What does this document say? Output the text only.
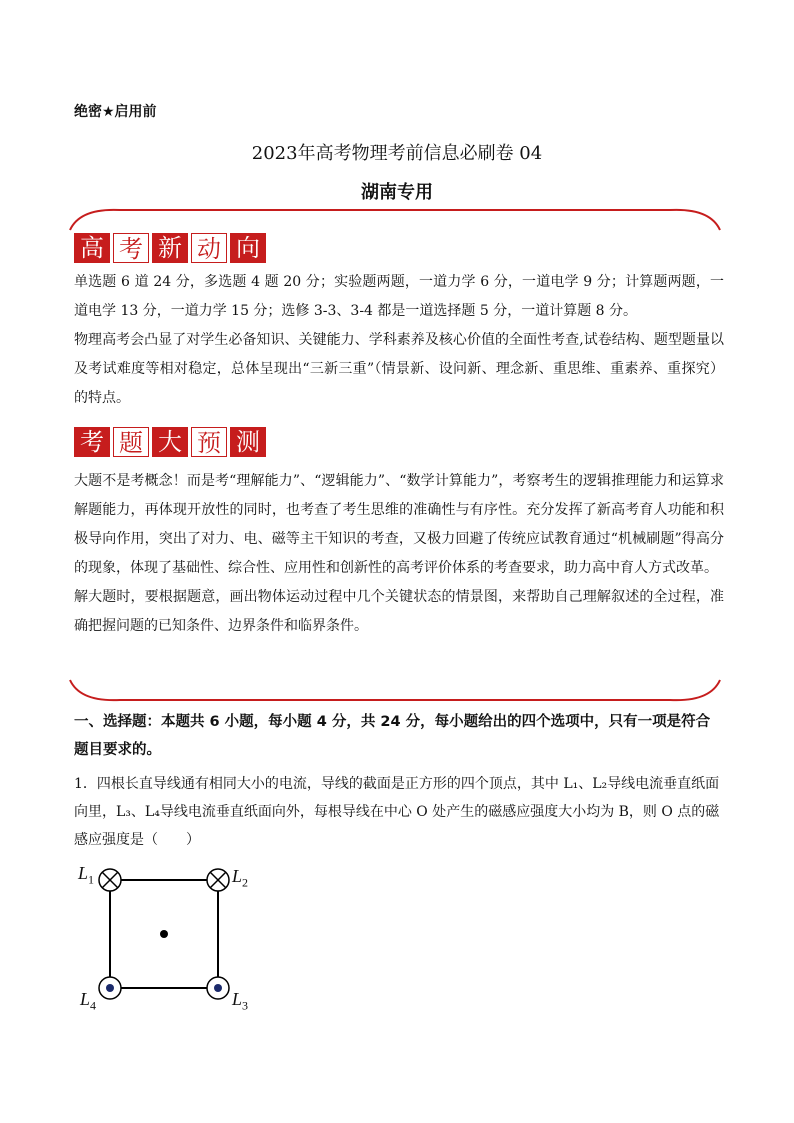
绝密★启用前
2023年高考物理考前信息必刷卷 04
湖南专用
高 考 新 动 向

单选题 6 道 24 分，多选题 4 题 20 分；实验题两题，一道力学 6 分，一道电学 9 分；计算题两题，一道电学 13 分，一道力学 15 分；选修 3-3、3-4 都是一道选择题 5 分，一道计算题 8 分。

物理高考会凸显了对学生必备知识、关键能力、学科素养及核心价值的全面性考查,试卷结构、题型题量以及考试难度等相对稳定，总体呈现出“三新三重”（情景新、设问新、理念新、重思维、重素养、重探究）的特点。

考 题 大 预 测

大题不是考概念！而是考“理解能力”、“逻辑能力”、“数学计算能力”，考察考生的逻辑推理能力和运算求解题能力，再体现开放性的同时，也考查了考生思维的准确性与有序性。充分发挥了新高考育人功能和积极导向作用，突出了对力、电、磁等主干知识的考查，又极力回避了传统应试教育通过“机械刷题”得高分的现象，体现了基础性、综合性、应用性和创新性的高考评价体系的考查要求，助力高中育人方式改革。

解大题时，要根据题意，画出物体运动过程中几个关键状态的情景图，来帮助自己理解叙述的全过程，准确把握问题的已知条件、边界条件和临界条件。

一、选择题：本题共 6 小题，每小题 4 分，共 24 分，每小题给出的四个选项中，只有一项是符合题目要求的。
1．四根长直导线通有相同大小的电流，导线的截面是正方形的四个顶点，其中 L₁、L₂导线电流垂直纸面向里，L₃、L₄导线电流垂直纸面向外，每根导线在中心 O 处产生的磁感应强度大小均为 B，则 O 点的磁感应强度是（　　）
$L_1$	$L_2$
$L_4$	$L_3$
